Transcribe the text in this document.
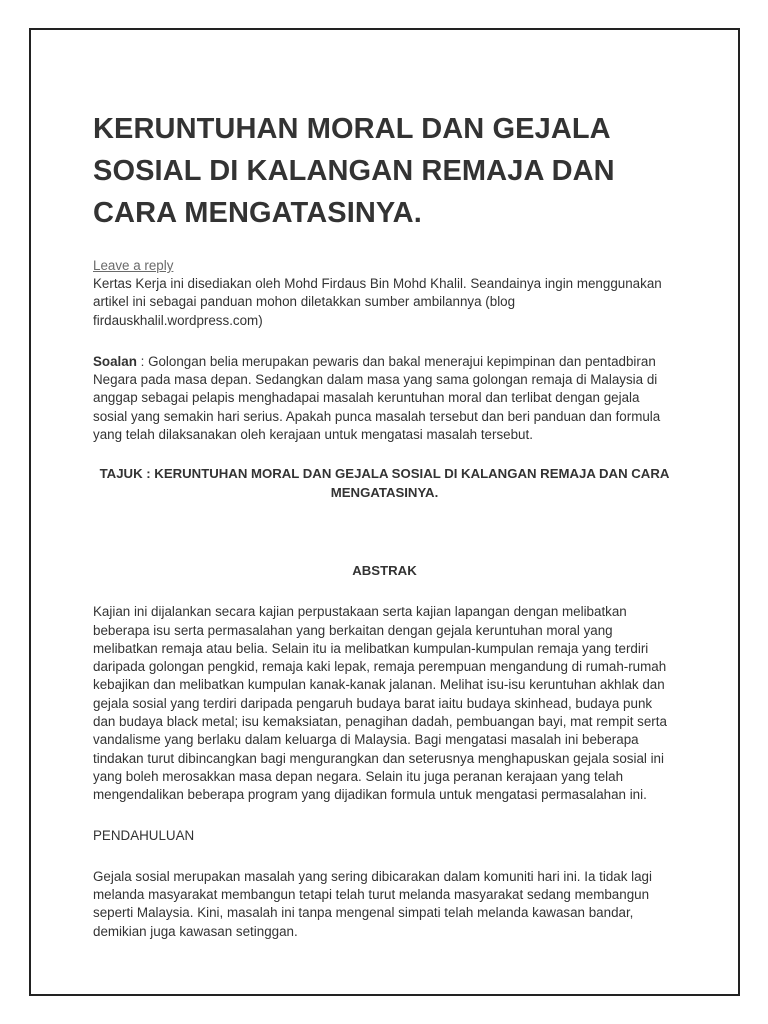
KERUNTUHAN MORAL DAN GEJALA SOSIAL DI KALANGAN REMAJA DAN CARA MENGATASINYA.
Leave a reply

Kertas Kerja ini disediakan oleh Mohd Firdaus Bin Mohd Khalil. Seandainya ingin menggunakan artikel ini sebagai panduan mohon diletakkan sumber ambilannya (blog firdauskhalil.wordpress.com)

Soalan : Golongan belia merupakan pewaris dan bakal menerajui kepimpinan dan pentadbiran Negara pada masa depan. Sedangkan dalam masa yang sama golongan remaja di Malaysia di anggap sebagai pelapis menghadapai masalah keruntuhan moral dan terlibat dengan gejala sosial yang semakin hari serius. Apakah punca masalah tersebut dan beri panduan dan formula yang telah dilaksanakan oleh kerajaan untuk mengatasi masalah tersebut.

TAJUK : KERUNTUHAN MORAL DAN GEJALA SOSIAL DI KALANGAN REMAJA DAN CARA MENGATASINYA.

ABSTRAK

Kajian ini dijalankan secara kajian perpustakaan serta kajian lapangan dengan melibatkan beberapa isu serta permasalahan yang berkaitan dengan gejala keruntuhan moral yang melibatkan remaja atau belia. Selain itu ia melibatkan kumpulan-kumpulan remaja yang terdiri daripada golongan pengkid, remaja kaki lepak, remaja perempuan mengandung di rumah-rumah kebajikan dan melibatkan kumpulan kanak-kanak jalanan. Melihat isu-isu keruntuhan akhlak dan gejala sosial yang terdiri daripada pengaruh budaya barat iaitu budaya skinhead, budaya punk dan budaya black metal; isu kemaksiatan, penagihan dadah, pembuangan bayi, mat rempit serta vandalisme yang berlaku dalam keluarga di Malaysia. Bagi mengatasi masalah ini beberapa tindakan turut dibincangkan bagi mengurangkan dan seterusnya menghapuskan gejala sosial ini yang boleh merosakkan masa depan negara. Selain itu juga peranan kerajaan yang telah mengendalikan beberapa program yang dijadikan formula untuk mengatasi permasalahan ini.

PENDAHULUAN

Gejala sosial merupakan masalah yang sering dibicarakan dalam komuniti hari ini. Ia tidak lagi melanda masyarakat membangun tetapi telah turut melanda masyarakat sedang membangun seperti Malaysia. Kini, masalah ini tanpa mengenal simpati telah melanda kawasan bandar, demikian juga kawasan setinggan.
